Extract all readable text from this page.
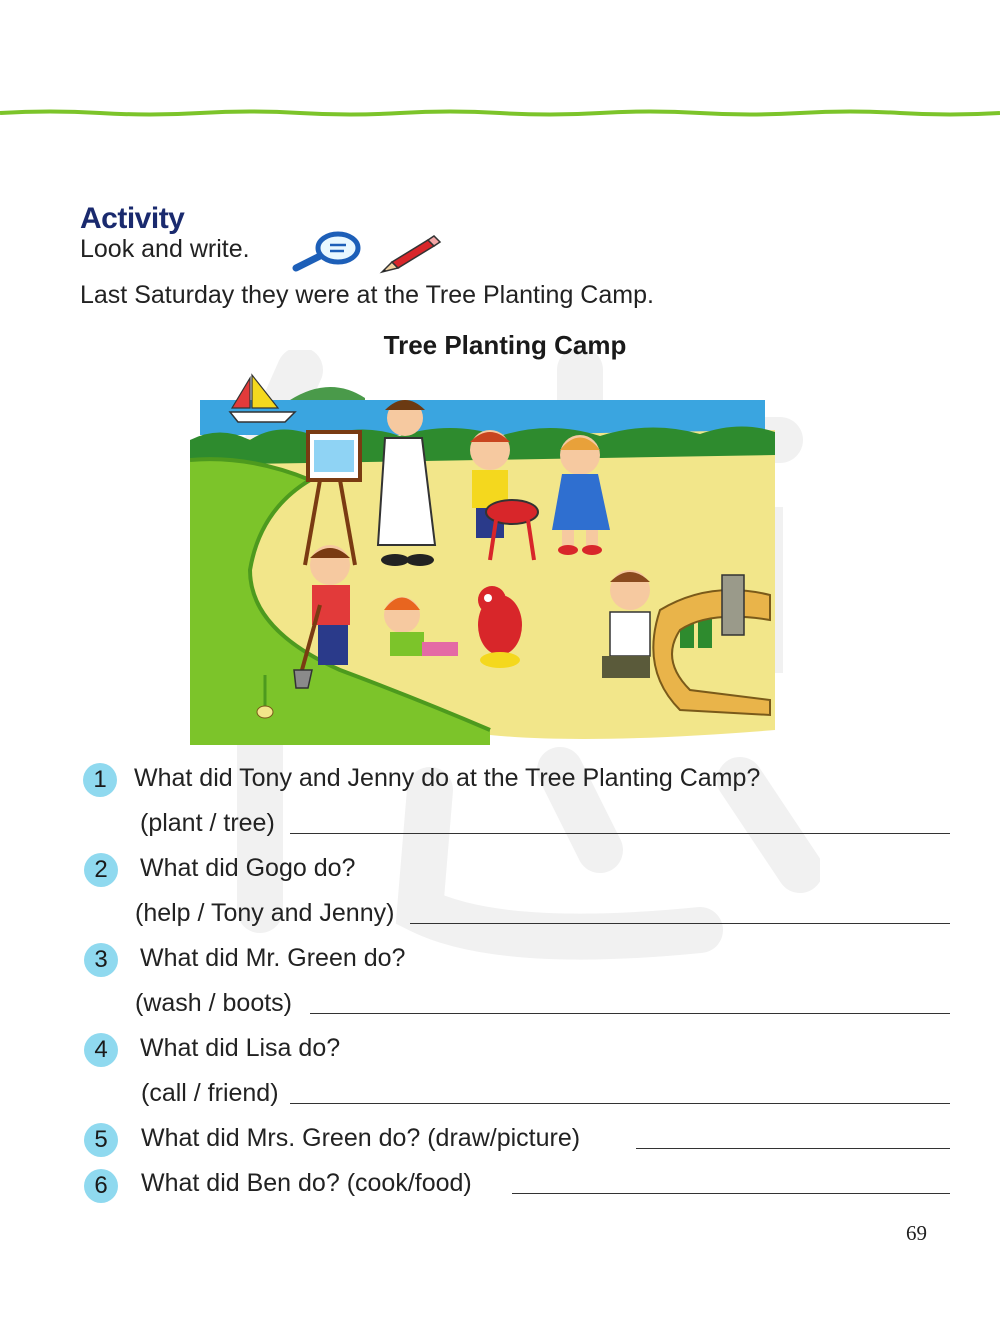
Activity
Look and write.
Last Saturday they were at the Tree Planting Camp.
Tree Planting Camp
1	What did Tony and Jenny do at the Tree Planting Camp?
(plant / tree)
2	What did Gogo do?
(help / Tony and Jenny)
3	What did Mr. Green do?
(wash / boots)
4	What did Lisa do?
(call / friend)
5	What did Mrs. Green do? (draw/picture)
6	What did Ben do? (cook/food)
69
